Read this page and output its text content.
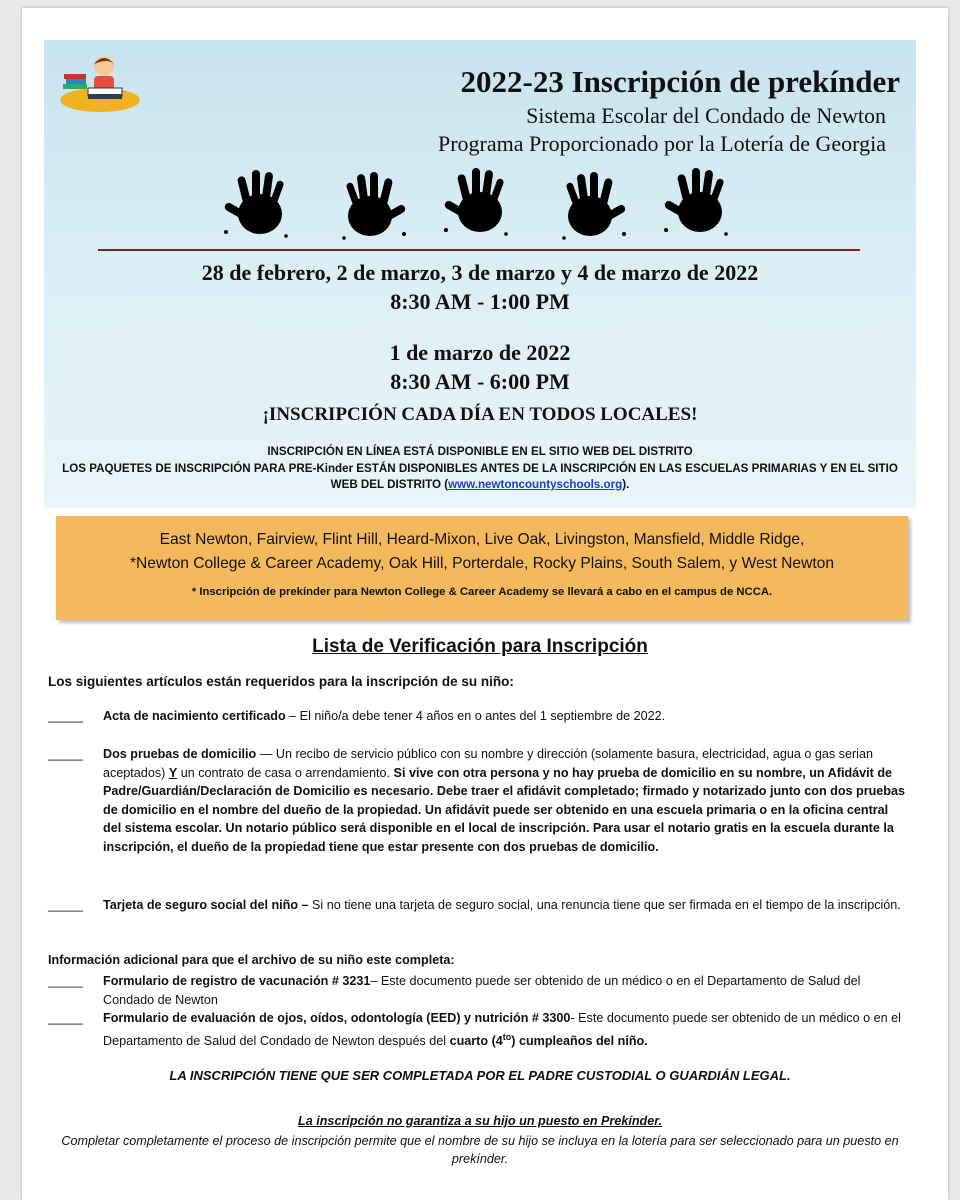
2022-23 Inscripción de prekínder
Sistema Escolar del Condado de Newton
Programa Proporcionado por la Lotería de Georgia
28 de febrero, 2 de marzo, 3 de marzo y 4 de marzo de 2022
8:30 AM - 1:00 PM
1 de marzo de 2022
8:30 AM - 6:00 PM
¡INSCRIPCIÓN CADA DÍA EN TODOS LOCALES!
INSCRIPCIÓN EN LÍNEA ESTÁ DISPONIBLE EN EL SITIO WEB DEL DISTRITO
LOS PAQUETES DE INSCRIPCIÓN PARA PRE-Kinder ESTÁN DISPONIBLES ANTES DE LA INSCRIPCIÓN EN LAS ESCUELAS PRIMARIAS Y EN EL SITIO WEB DEL DISTRITO (www.newtoncountyschools.org).
East Newton, Fairview, Flint Hill, Heard-Mixon, Live Oak, Livingston, Mansfield, Middle Ridge,
*Newton College & Career Academy, Oak Hill, Porterdale, Rocky Plains, South Salem, y West Newton
* Inscripción de prekínder para Newton College & Career Academy se llevará a cabo en el campus de NCCA.
Lista de Verificación para Inscripción
Los siguientes artículos están requeridos para la inscripción de su niño:
_____	Acta de nacimiento certificado – El niño/a debe tener 4 años en o antes del 1 septiembre de 2022.
_____	Dos pruebas de domicilio — Un recibo de servicio público con su nombre y dirección (solamente basura, electricidad, agua o gas serian aceptados) Y un contrato de casa o arrendamiento. Si vive con otra persona y no hay prueba de domicilio en su nombre, un Afidávit de Padre/Guardián/Declaración de Domicilio es necesario. Debe traer el afidávit completado; firmado y notarizado junto con dos pruebas de domicilio en el nombre del dueño de la propiedad. Un afidávit puede ser obtenido en una escuela primaria o en la oficina central del sistema escolar. Un notario público será disponible en el local de inscripción. Para usar el notario gratis en la escuela durante la inscripción, el dueño de la propiedad tiene que estar presente con dos pruebas de domicilio.
_____	Tarjeta de seguro social del niño – Si no tiene una tarjeta de seguro social, una renuncia tiene que ser firmada en el tiempo de la inscripción.
Información adicional para que el archivo de su niño este completa:
_____	Formulario de registro de vacunación # 3231– Este documento puede ser obtenido de un médico o en el Departamento de Salud del Condado de Newton
_____	Formulario de evaluación de ojos, oídos, odontología (EED) y nutrición # 3300- Este documento puede ser obtenido de un médico o en el Departamento de Salud del Condado de Newton después del cuarto $(4^{to})$ cumpleaños del niño.
LA INSCRIPCIÓN TIENE QUE SER COMPLETADA POR EL PADRE CUSTODIAL O GUARDIÁN LEGAL.
La inscripción no garantiza a su hijo un puesto en Prekínder.
Completar completamente el proceso de inscripción permite que el nombre de su hijo se incluya en la lotería para ser seleccionado para un puesto en prekínder.
